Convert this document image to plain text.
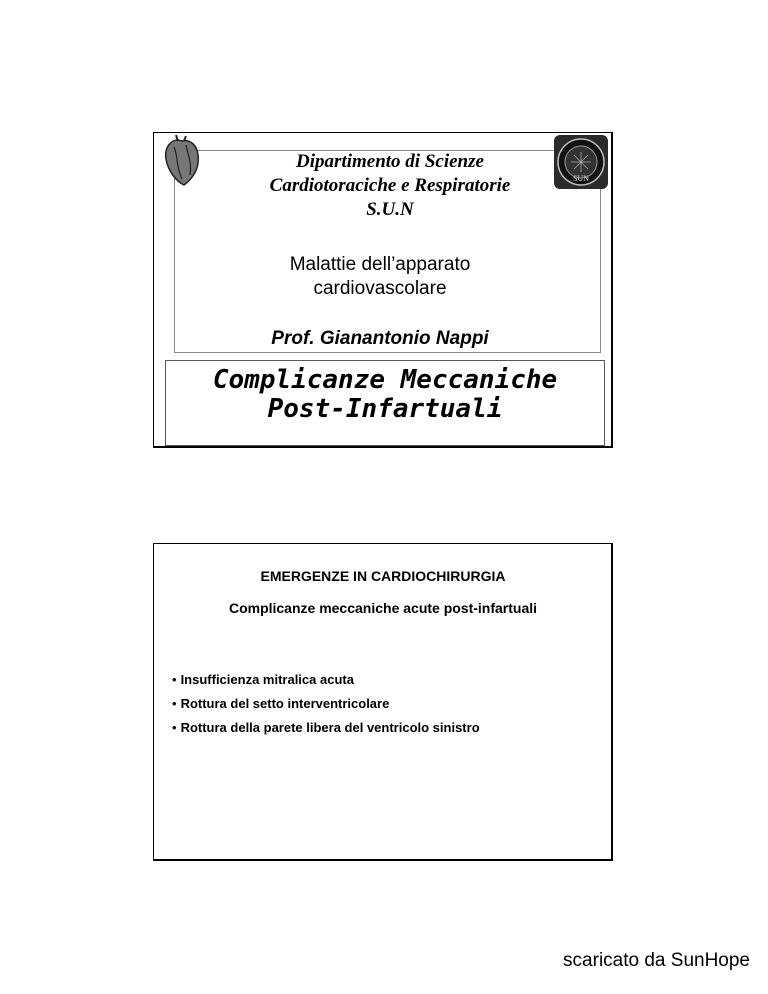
SUN
Dipartimento di Scienze
Cardiotoraciche e Respiratorie
S.U.N
Malattie dell’apparato
cardiovascolare
Prof. Gianantonio Nappi
Complicanze Meccaniche
Post-Infartuali
EMERGENZE IN CARDIOCHIRURGIA
Complicanze meccaniche acute post-infartuali
• Insufficienza mitralica acuta
• Rottura del setto interventricolare
• Rottura della parete libera del ventricolo sinistro
scaricato da SunHope
